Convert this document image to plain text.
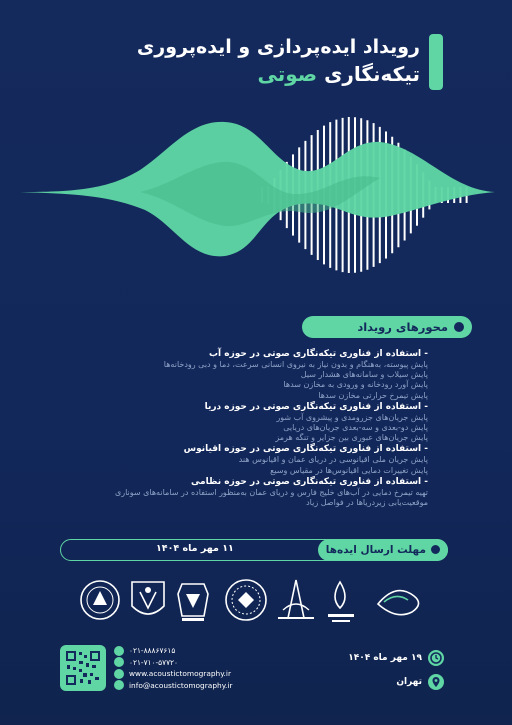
رویداد ایده‌پردازی و ایده‌پروری
تیکه‌نگاری صوتی
محورهای رویداد
- استفاده از فناوری تیکه‌نگاری صوتی در حوزه آب
پایش پیوسته، به‌هنگام و بدون نیاز به نیروی انسانی سرعت، دما و دبی رودخانه‌ها
پایش سیلاب و سامانه‌های هشدار سیل
پایش آورد رودخانه و ورودی به مخازن سدها
پایش تیمرخ حرارتی مخازن سدها
- استفاده از فناوری تیکه‌نگاری صوتی در حوزه دریا
پایش جریان‌های جزرومدی و پیشروی آب شور
پایش دو-بعدی و سه-بعدی جریان‌های دریایی
پایش جریان‌های عبوری بین جزایر و تنگه هرمز
- استفاده از فناوری تیکه‌نگاری صوتی در حوزه اقیانوس
پایش جریان ملی اقیانوسی در دریای عمان و اقیانوس هند
پایش تغییرات دمایی اقیانوس‌ها در مقیاس وسیع
- استفاده از فناوری تیکه‌نگاری صوتی در حوزه نظامی
تهیه تیمرخ دمایی در آب‌های خلیج فارس و دریای عمان به‌منظور استفاده در سامانه‌های سوناری
موقعیت‌یابی زیردریاها در فواصل زیاد
مهلت ارسال ایده‌ها
۱۱ مهر ماه ۱۴۰۴
۰۲۱-۸۸۸۶۷۶۱۵
۰۲۱-۷۱۰-۵۷۷۲۰
www.acoustictomography.ir
info@acoustictomography.ir
۱۹ مهر ماه ۱۴۰۴
تهران
